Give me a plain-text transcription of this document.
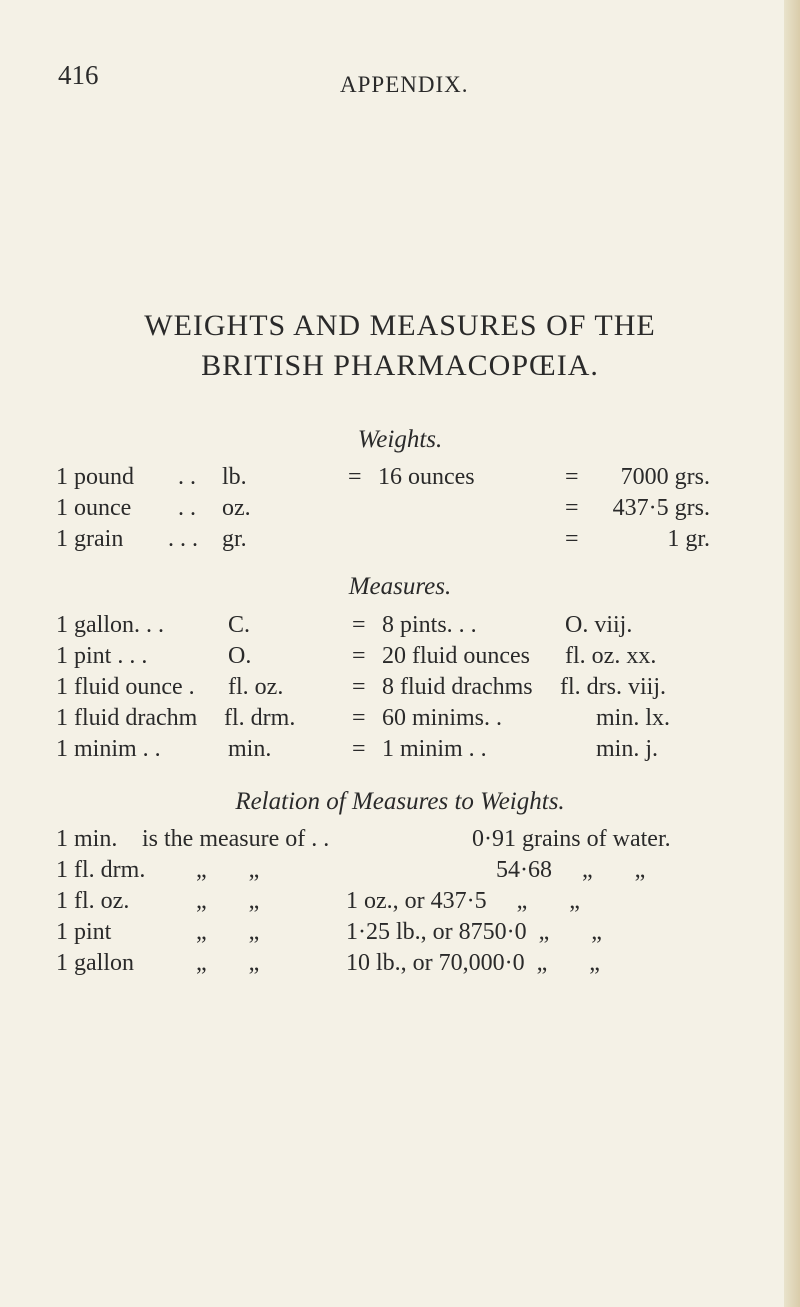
416	APPENDIX.
WEIGHTS AND MEASURES OF THE
BRITISH PHARMACOPŒIA.
Weights.
1 pound . . lb.	= 16 ounces	=	7000 grs.
1 ounce . . oz.	=	437·5 grs.
1 grain . . . gr.	=	1 gr.
Measures.
1 gallon. . .	C.	= 8 pints. . .	O. viij.
1 pint . . .	O.	= 20 fluid ounces fl. oz. xx.
1 fluid ounce . fl. oz.	= 8 fluid drachms fl. drs. viij.
1 fluid drachm fl. drm. = 60 minims. .	min. lx.
1 minim . .	min.	= 1 minim . .	min. j.
Relation of Measures to Weights.
1 min. is the measure of . .	0·91 grains of water.
1 fl. drm. „       „	54·68     „       „
1 fl. oz.	„       „	1 oz., or 437·5     „       „
1 pint	„       „	1·25 lb., or 8750·0  „       „
1 gallon	„       „	10 lb., or 70,000·0  „       „
